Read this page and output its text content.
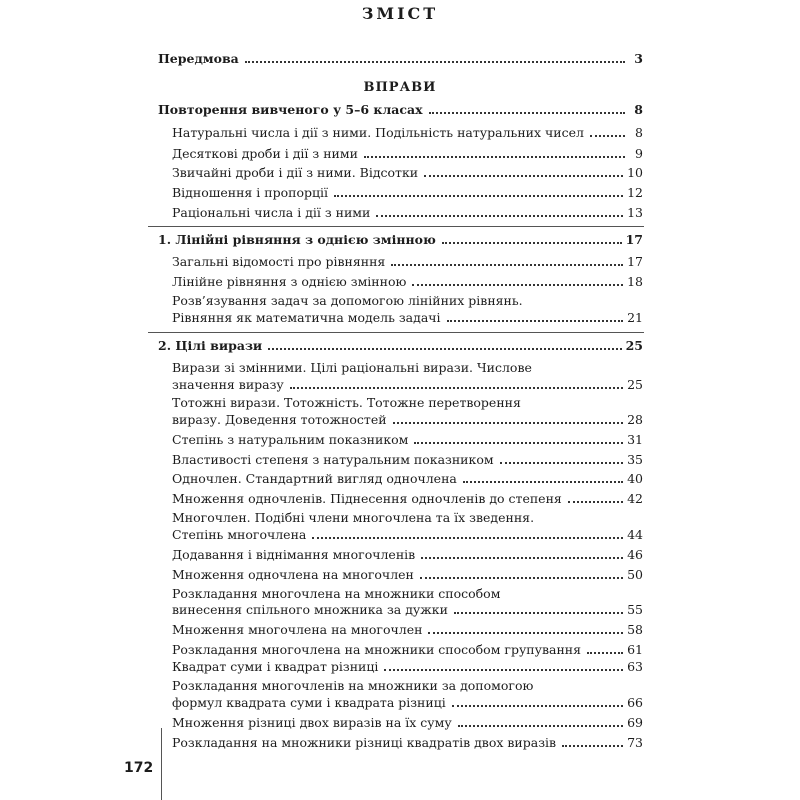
ЗМІСТ
Передмова	3
ВПРАВИ
Повторення вивченого у 5–6 класах	8
Натуральні числа і дії з ними. Подільність натуральних чисел	8
Десяткові дроби і дії з ними	9
Звичайні дроби і дії з ними. Відсотки	10
Відношення і пропорції	12
Раціональні числа і дії з ними	13
1. Лінійні рівняння з однією змінною	17
Загальні відомості про рівняння	17
Лінійне рівняння з однією змінною	18
Розв’язування задач за допомогою лінійних рівнянь.
Рівняння як математична модель задачі	21
2. Цілі вирази	25
Вирази зі змінними. Цілі раціональні вирази. Числове
значення виразу	25
Тотожні вирази. Тотожність. Тотожне перетворення
виразу. Доведення тотожностей	28
Степінь з натуральним показником	31
Властивості степеня з натуральним показником	35
Одночлен. Стандартний вигляд одночлена	40
Множення одночленів. Піднесення одночленів до степеня	42
Многочлен. Подібні члени многочлена та їх зведення.
Степінь многочлена	44
Додавання і віднімання многочленів	46
Множення одночлена на многочлен	50
Розкладання многочлена на множники способом
винесення спільного множника за дужки	55
Множення многочлена на многочлен	58
Розкладання многочлена на множники способом групування	61
Квадрат суми і квадрат різниці	63
Розкладання многочленів на множники за допомогою
формул квадрата суми і квадрата різниці	66
Множення різниці двох виразів на їх суму	69
Розкладання на множники різниці квадратів двох виразів	73
172
